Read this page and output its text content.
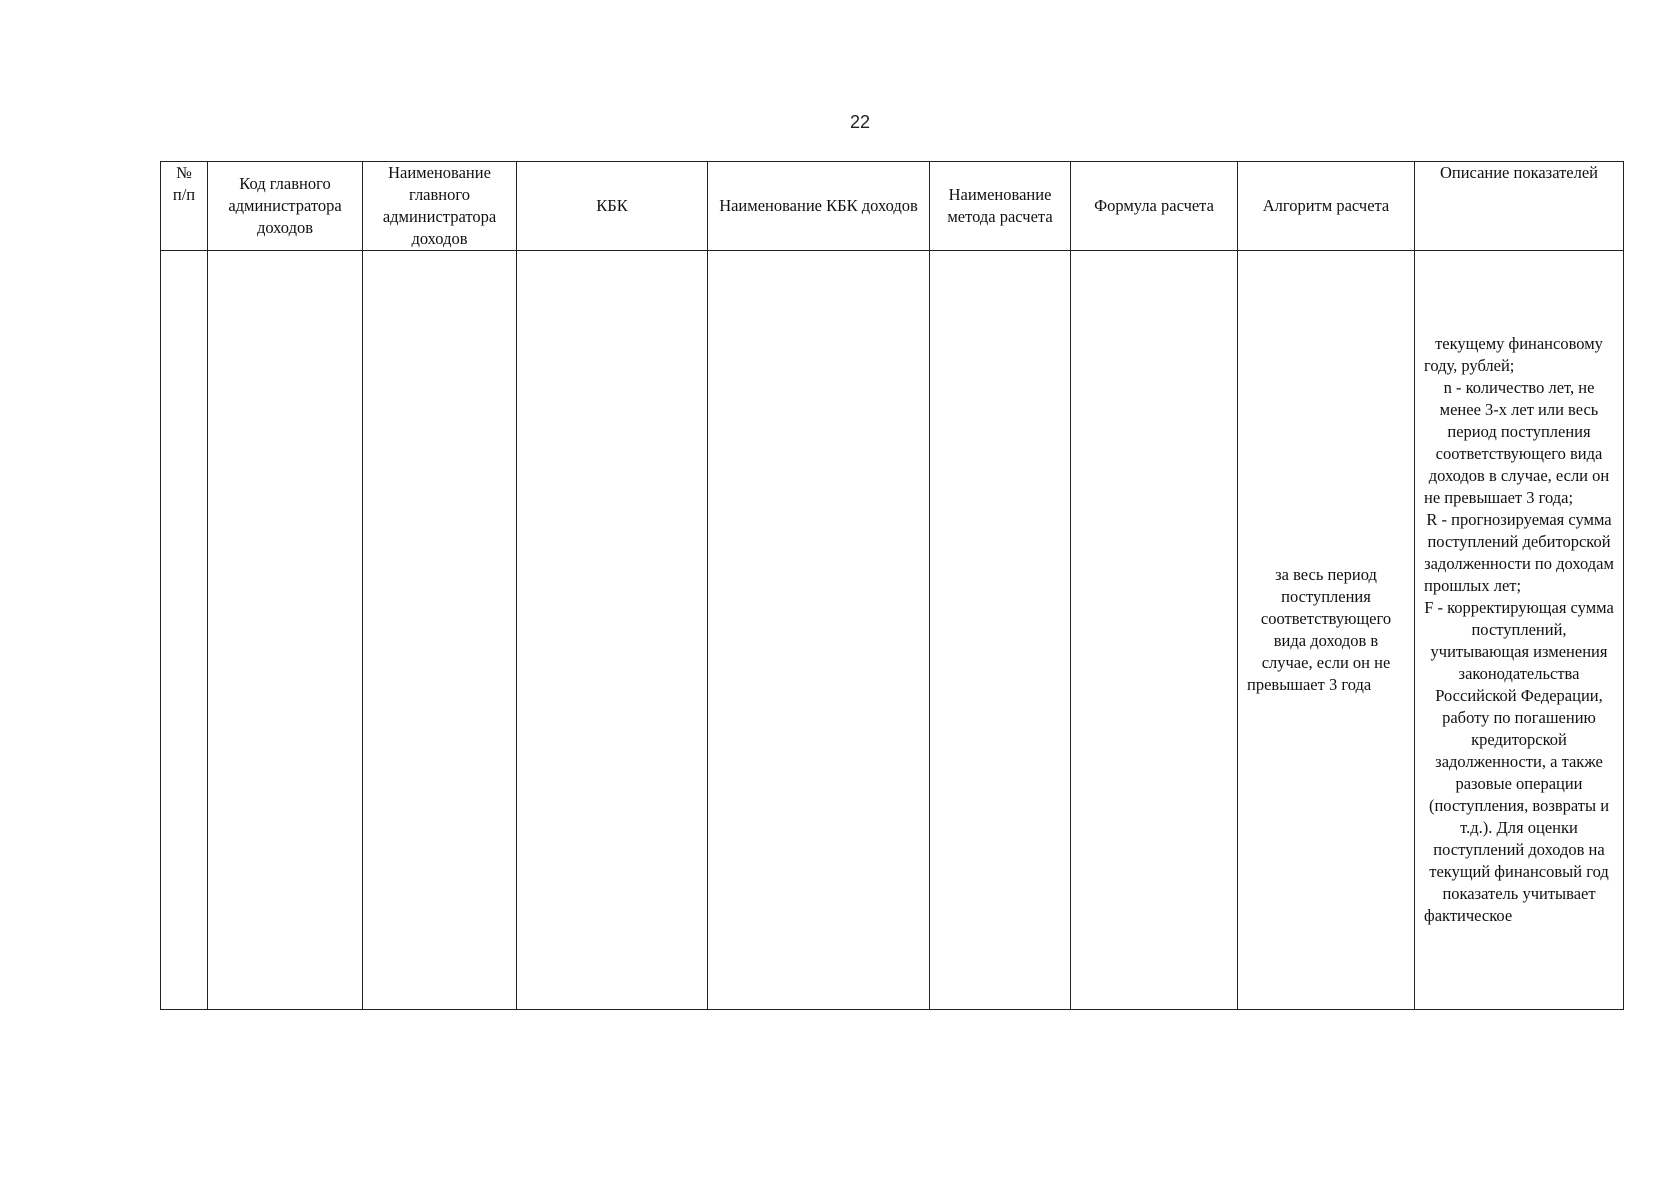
22
№ п/п	Код главного администратора доходов	Наименование главного администратора доходов	КБК	Наименование КБК доходов	Наименование метода расчета	Формула расчета	Алгоритм расчета	Описание показателей
							за весь период поступления соответствующего вида доходов в случае, если он не превышает 3 года	текущему финансовому году, рублей;
n - количество лет, не менее 3-х лет или весь период поступления соответствующего вида доходов в случае, если он не превышает 3 года;
R - прогнозируемая сумма поступлений дебиторской задолженности по доходам прошлых лет;
F - корректирующая сумма поступлений, учитывающая изменения законодательства Российской Федерации, работу по погашению кредиторской задолженности, а также разовые операции (поступления, возвраты и т.д.). Для оценки поступлений доходов на текущий финансовый год показатель учитывает фактическое
